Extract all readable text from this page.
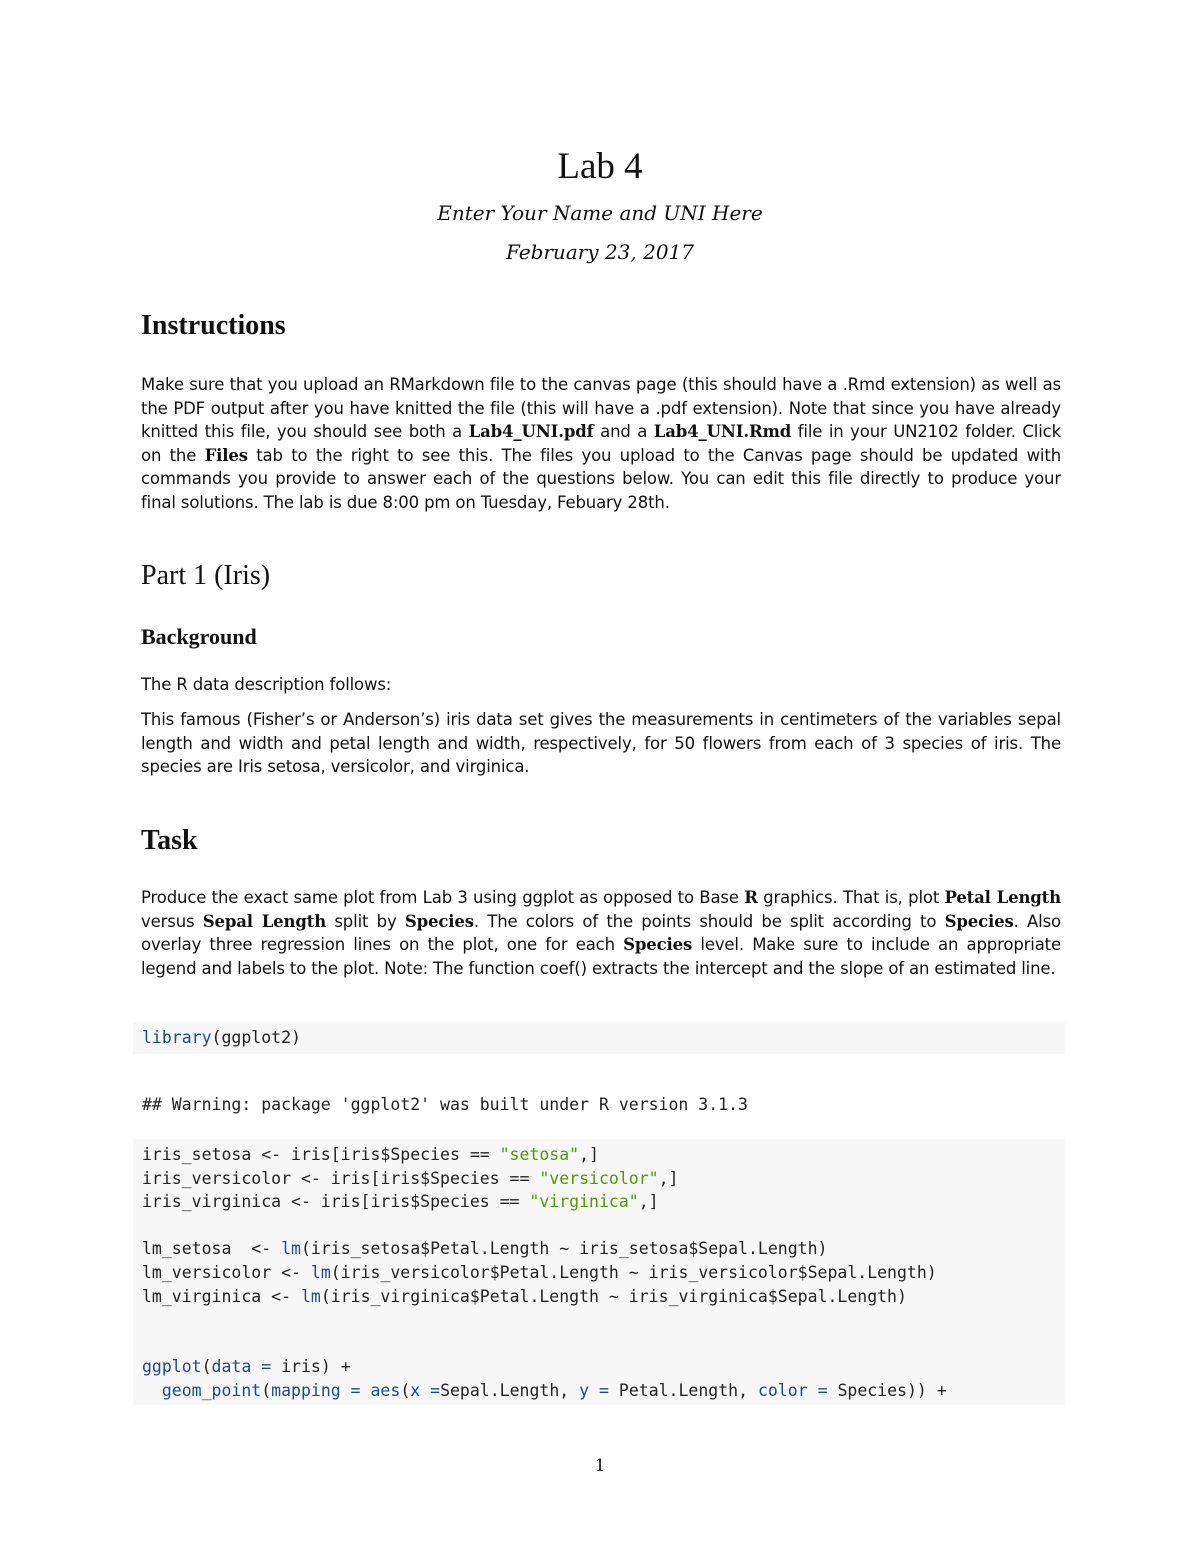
Lab 4
Enter Your Name and UNI Here
February 23, 2017
Instructions

Make sure that you upload an RMarkdown file to the canvas page (this should have a .Rmd extension) as well as the PDF output after you have knitted the file (this will have a .pdf extension). Note that since you have already knitted this file, you should see both a Lab4_UNI.pdf and a Lab4_UNI.Rmd file in your UN2102 folder. Click on the Files tab to the right to see this. The files you upload to the Canvas page should be updated with commands you provide to answer each of the questions below. You can edit this file directly to produce your final solutions. The lab is due 8:00 pm on Tuesday, Febuary 28th.

Part 1 (Iris)
Background

The R data description follows:

This famous (Fisher’s or Anderson’s) iris data set gives the measurements in centimeters of the variables sepal length and width and petal length and width, respectively, for 50 flowers from each of 3 species of iris. The species are Iris setosa, versicolor, and virginica.

Task

Produce the exact same plot from Lab 3 using ggplot as opposed to Base R graphics. That is, plot Petal Length versus Sepal Length split by Species. The colors of the points should be split according to Species. Also overlay three regression lines on the plot, one for each Species level. Make sure to include an appropriate legend and labels to the plot. Note: The function coef() extracts the intercept and the slope of an estimated line.

library(ggplot2)
## Warning: package 'ggplot2' was built under R version 3.1.3
iris_setosa <- iris[iris$Species == "setosa",]
iris_versicolor <- iris[iris$Species == "versicolor",]
iris_virginica <- iris[iris$Species == "virginica",]

lm_setosa  <- lm(iris_setosa$Petal.Length ~ iris_setosa$Sepal.Length)
lm_versicolor <- lm(iris_versicolor$Petal.Length ~ iris_versicolor$Sepal.Length)
lm_virginica <- lm(iris_virginica$Petal.Length ~ iris_virginica$Sepal.Length)

ggplot(data = iris) +
geom_point(mapping = aes(x =Sepal.Length, y = Petal.Length, color = Species)) +
1
